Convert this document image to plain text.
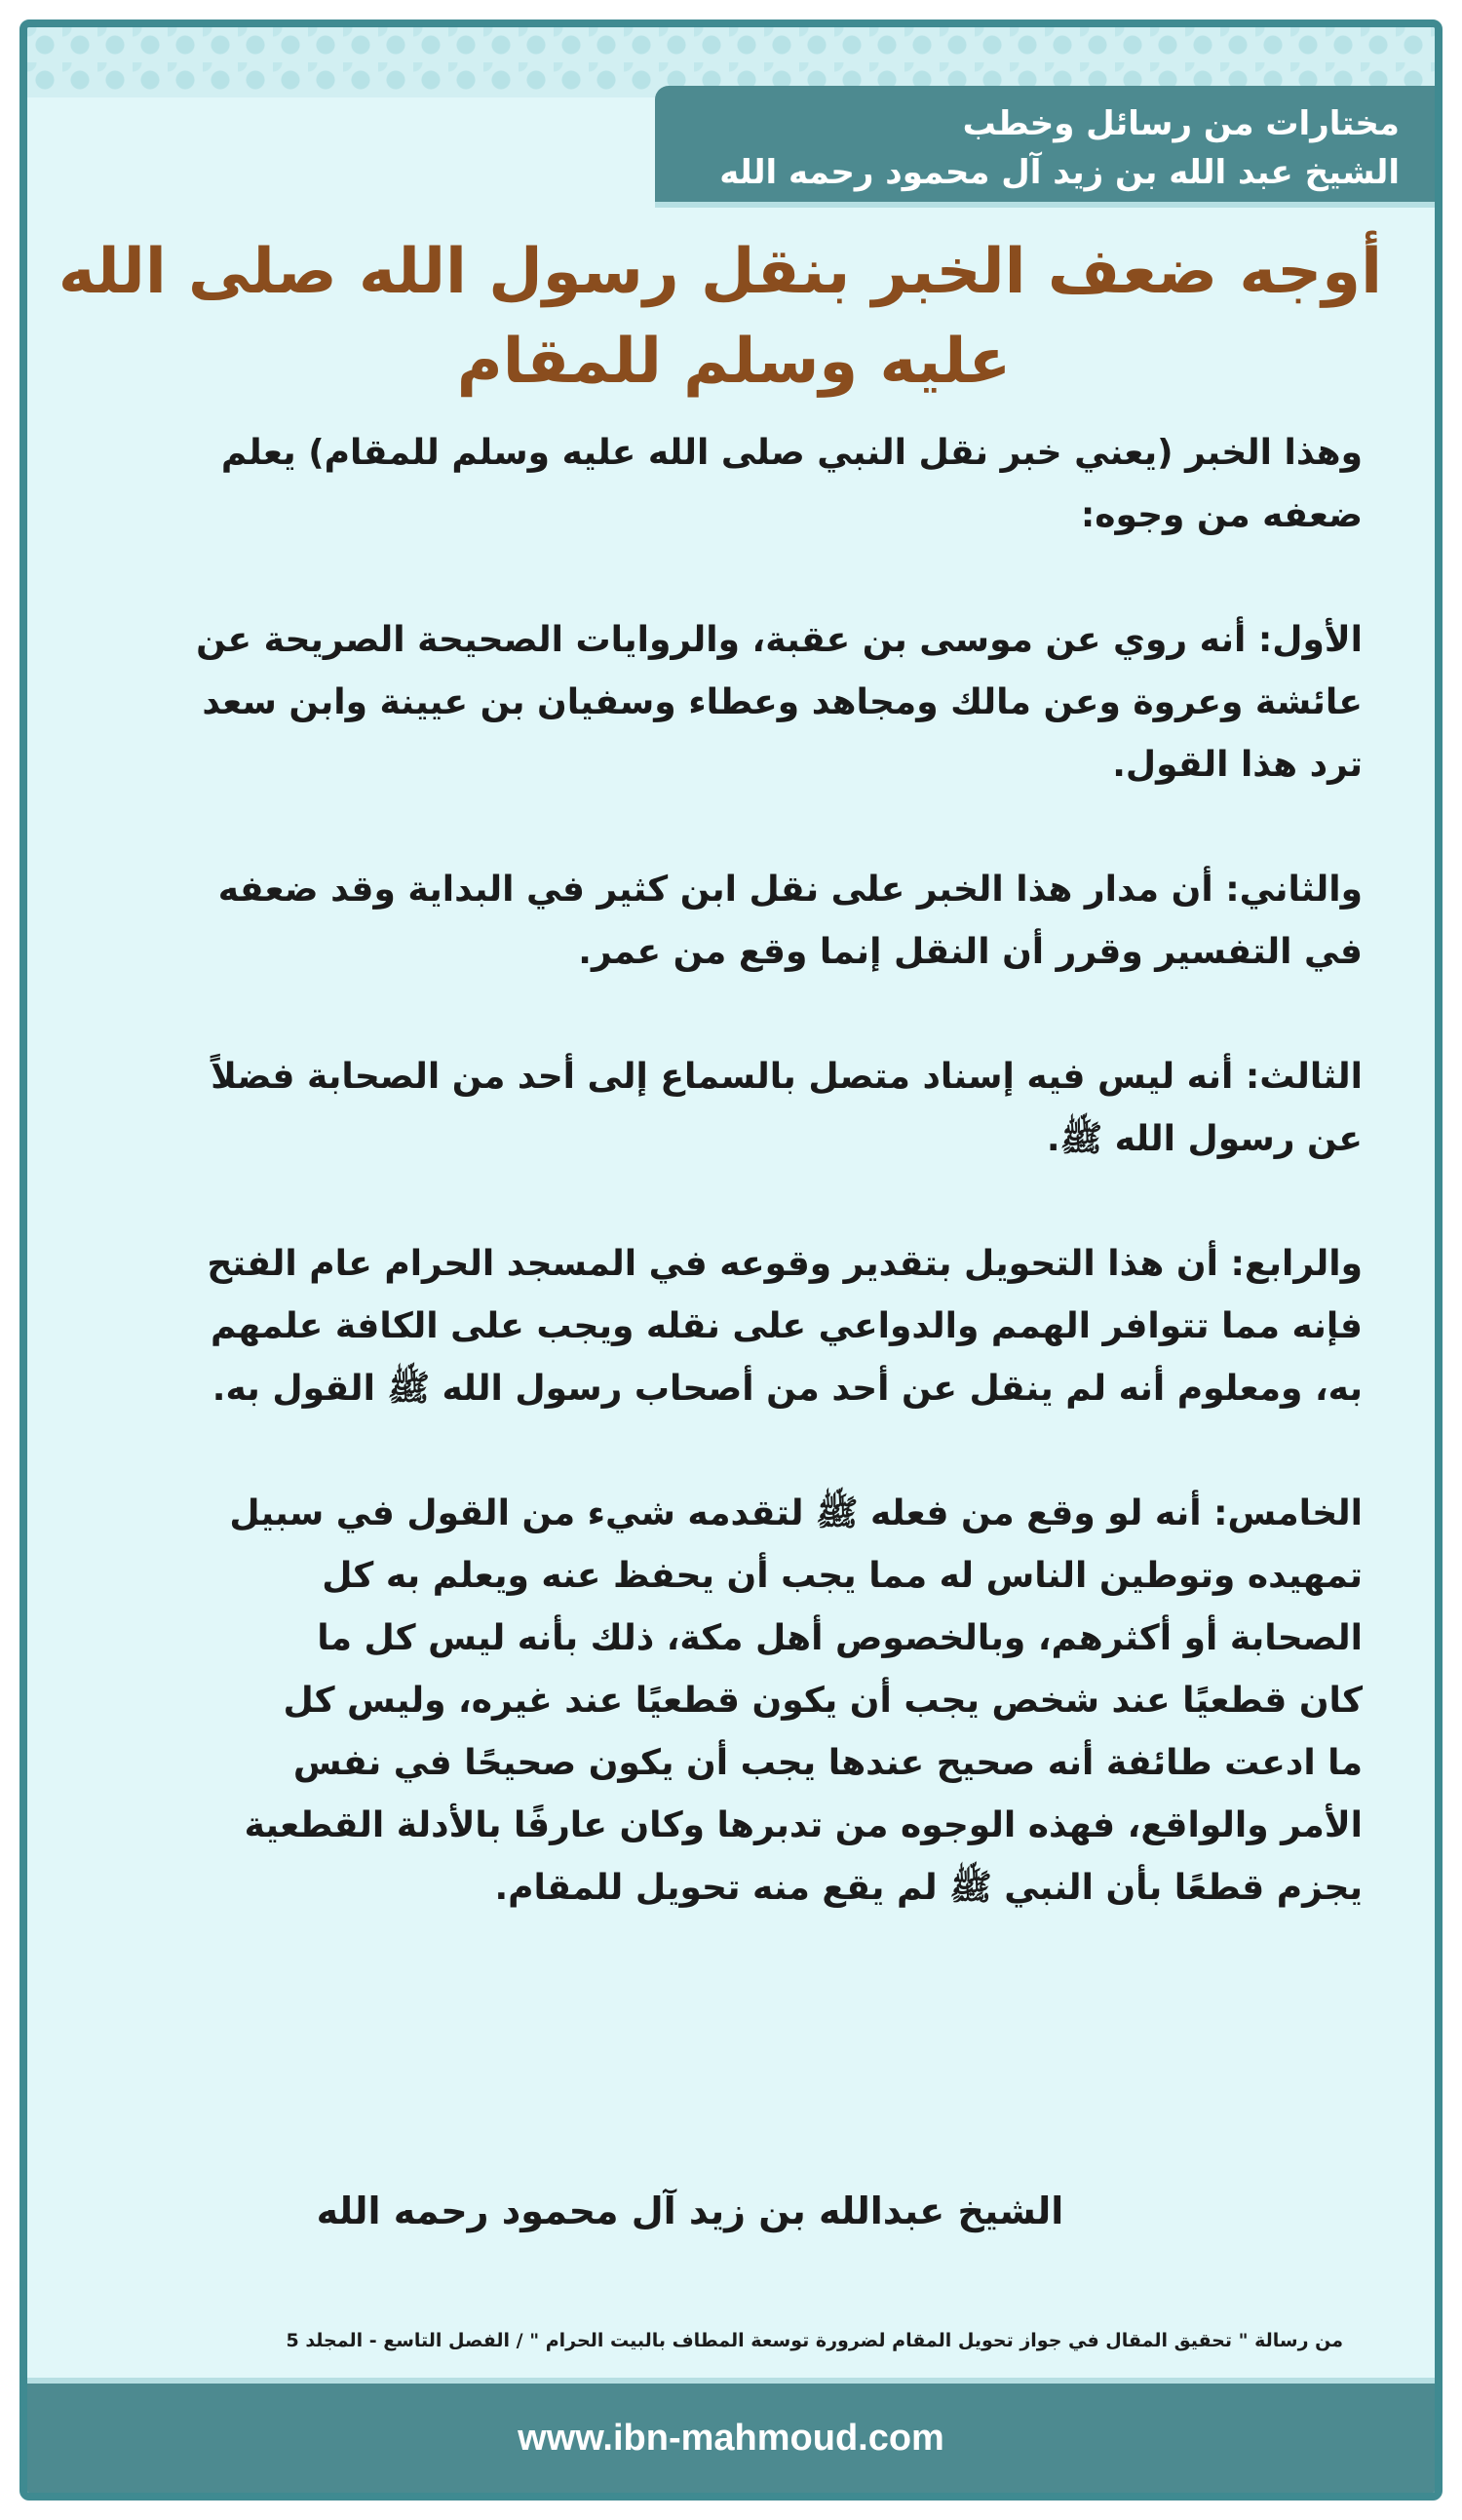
مختارات من رسائل وخطب
الشيخ عبد الله بن زيد آل محمود رحمه الله
أوجه ضعف الخبر بنقل رسول الله صلى الله
عليه وسلم للمقام
وهذا الخبر (يعني خبر نقل النبي صلى الله عليه وسلم للمقام) يعلم
ضعفه من وجوه:
الأول: أنه روي عن موسى بن عقبة، والروايات الصحيحة الصريحة عن
عائشة وعروة وعن مالك ومجاهد وعطاء وسفيان بن عيينة وابن سعد
ترد هذا القول.
والثاني: أن مدار هذا الخبر على نقل ابن كثير في البداية وقد ضعفه
في التفسير وقرر أن النقل إنما وقع من عمر.
الثالث: أنه ليس فيه إسناد متصل بالسماع إلى أحد من الصحابة فضلاً
عن رسول الله ﷺ.
والرابع: أن هذا التحويل بتقدير وقوعه في المسجد الحرام عام الفتح
فإنه مما تتوافر الهمم والدواعي على نقله ويجب على الكافة علمهم
به، ومعلوم أنه لم ينقل عن أحد من أصحاب رسول الله ﷺ القول به.
الخامس: أنه لو وقع من فعله ﷺ لتقدمه شيء من القول في سبيل
تمهيده وتوطين الناس له مما يجب أن يحفظ عنه ويعلم به كل
الصحابة أو أكثرهم، وبالخصوص أهل مكة، ذلك بأنه ليس كل ما
كان قطعيًا عند شخص يجب أن يكون قطعيًا عند غيره، وليس كل
ما ادعت طائفة أنه صحيح عندها يجب أن يكون صحيحًا في نفس
الأمر والواقع، فهذه الوجوه من تدبرها وكان عارفًا بالأدلة القطعية
يجزم قطعًا بأن النبي ﷺ لم يقع منه تحويل للمقام.
الشيخ عبدالله بن زيد آل محمود رحمه الله
من رسالة " تحقيق المقال في جواز تحويل المقام لضرورة توسعة المطاف بالبيت الحرام " / الفصل التاسع - المجلد 5
www.ibn-mahmoud.com
